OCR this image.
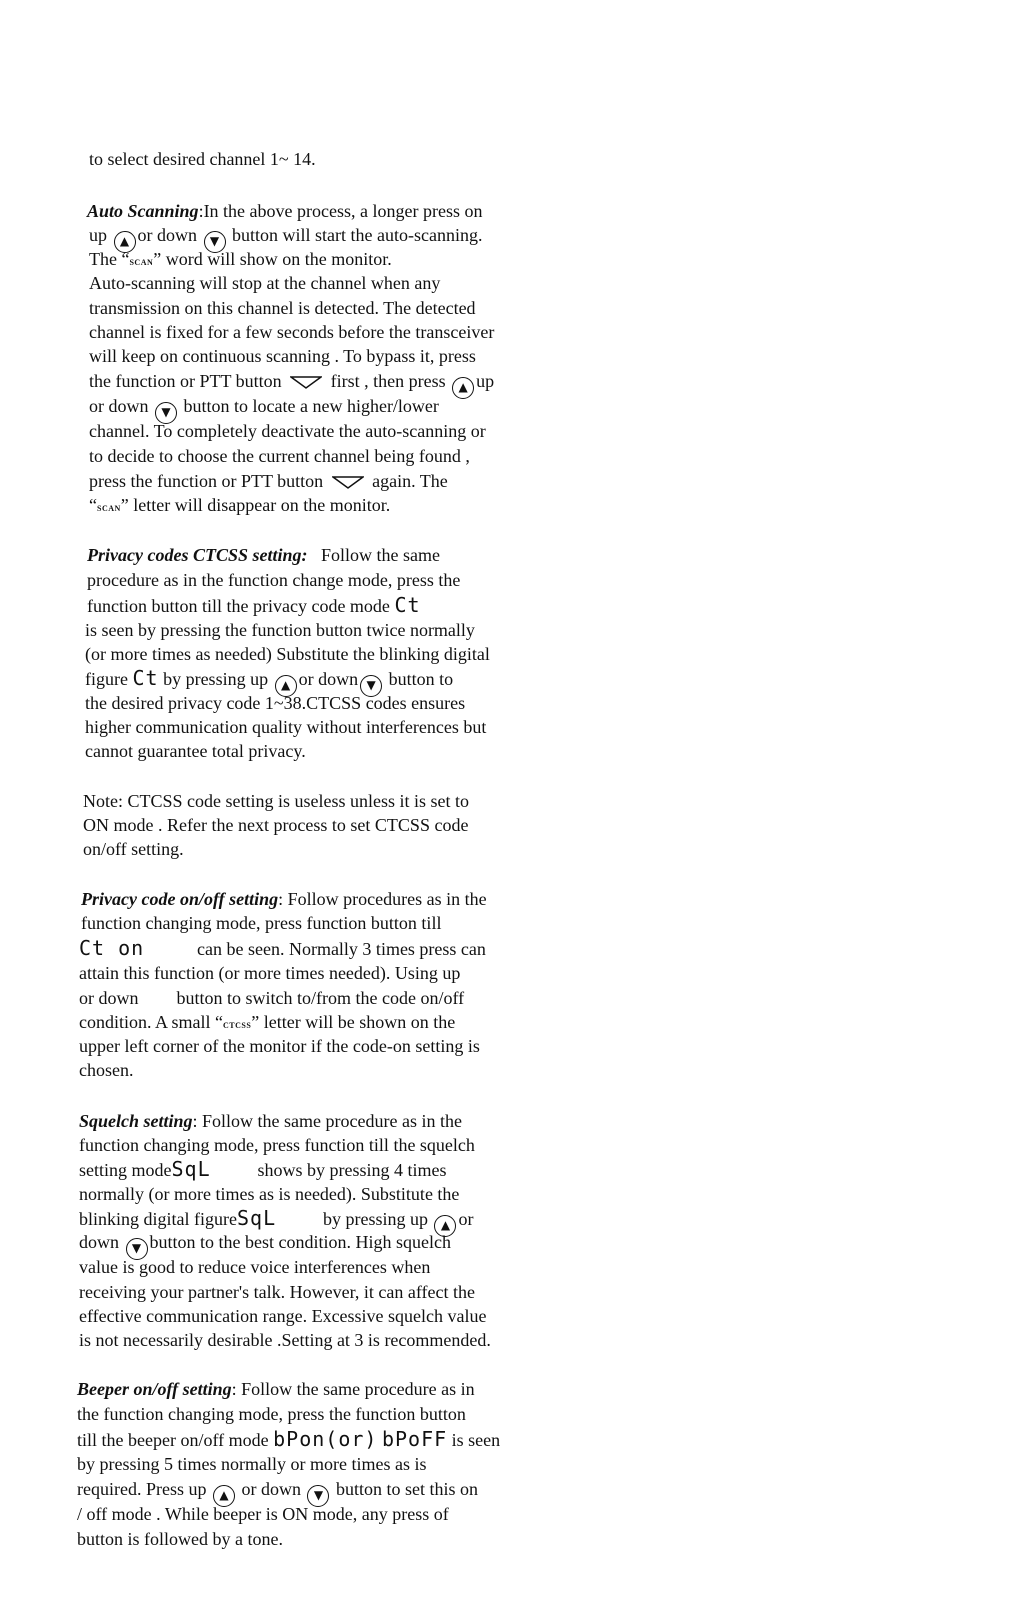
to select desired channel 1~ 14.
Auto Scanning:In the above process, a longer press on
up ▲ or down ▼ button will start the auto-scanning.
The “scan” word will show on the monitor.
Auto-scanning will stop at the channel when any
transmission on this channel is detected. The detected
channel is fixed for a few seconds before the transceiver
will keep on continuous scanning . To bypass it, press
the function or PTT button	first , then press ▲ up
or down ▼ button to locate a new higher/lower
channel. To completely deactivate the auto-scanning or
to decide to choose the current channel being found ,
press the function or PTT button	again. The
“scan” letter will disappear on the monitor.
Privacy codes CTCSS setting: Follow the same
procedure as in the function change mode, press the
function button till the privacy code mode Ct
is seen by pressing the function button twice normally
(or more times as needed) Substitute the blinking digital
figure Ct by pressing up ▲ or down ▼ button to
the desired privacy code 1~38.CTCSS codes ensures
higher communication quality without interferences but
cannot guarantee total privacy.
Note: CTCSS code setting is useless unless it is set to
ON mode . Refer the next process to set CTCSS code
on/off setting.
Privacy code on/off setting: Follow procedures as in the
function changing mode, press function button till
Ct on	can be seen. Normally 3 times press can
attain this function (or more times needed). Using up
or down button to switch to/from the code on/off
condition. A small “ctcss” letter will be shown on the
upper left corner of the monitor if the code-on setting is
chosen.
Squelch setting: Follow the same procedure as in the
function changing mode, press function till the squelch
setting modeSqL	shows by pressing 4 times
normally (or more times as is needed). Substitute the
blinking digital figureSqL	by pressing up ▲ or
down ▼ button to the best condition. High squelch
value is good to reduce voice interferences when
receiving your partner's talk. However, it can affect the
effective communication range. Excessive squelch value
is not necessarily desirable .Setting at 3 is recommended.
Beeper on/off setting: Follow the same procedure as in
the function changing mode, press the function button
till the beeper on/off mode bPon(or) bPoFF is seen
by pressing 5 times normally or more times as is
required. Press up ▲ or down ▼ button to set this on
/ off mode . While beeper is ON mode, any press of
button is followed by a tone.
